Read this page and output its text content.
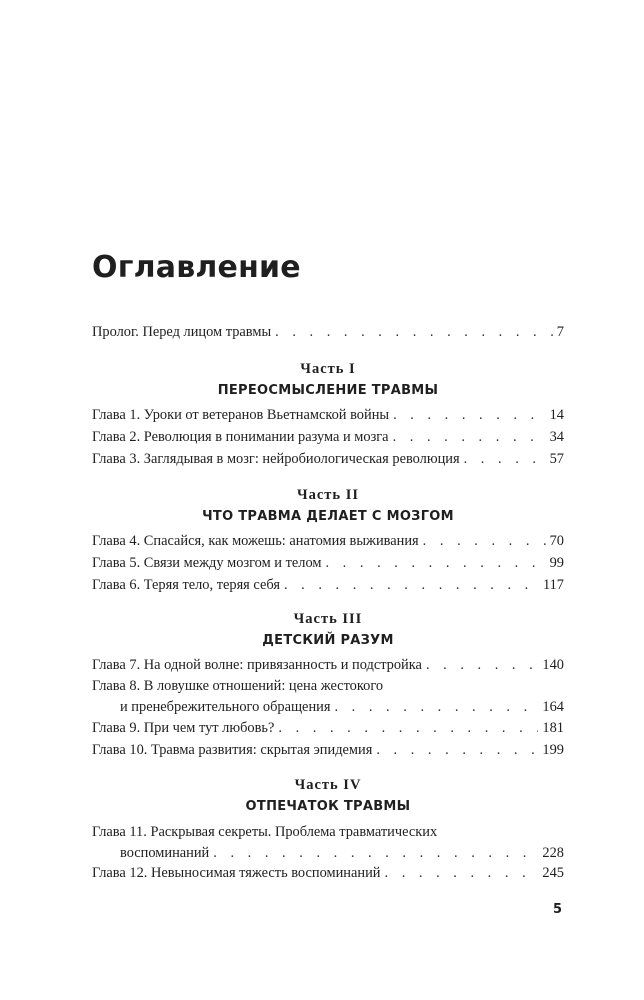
Оглавление
Пролог. Перед лицом травмы . . .	7
Часть I
ПЕРЕОСМЫСЛЕНИЕ ТРАВМЫ
Глава 1. Уроки от ветеранов Вьетнамской войны . . .	14
Глава 2. Революция в понимании разума и мозга . . .	34
Глава 3. Заглядывая в мозг: нейробиологическая революция . . .	57
Часть II
ЧТО ТРАВМА ДЕЛАЕТ С МОЗГОМ
Глава 4. Спасайся, как можешь: анатомия выживания . . .	70
Глава 5. Связи между мозгом и телом . . .	99
Глава 6. Теряя тело, теряя себя . . .	117
Часть III
ДЕТСКИЙ РАЗУМ
Глава 7. На одной волне: привязанность и подстройка . . .	140
Глава 8. В ловушке отношений: цена жестокого
и пренебрежительного обращения . . .	164
Глава 9. При чем тут любовь? . . .	181
Глава 10. Травма развития: скрытая эпидемия . . .	199
Часть IV
ОТПЕЧАТОК ТРАВМЫ
Глава 11. Раскрывая секреты. Проблема травматических
воспоминаний . . .	228
Глава 12. Невыносимая тяжесть воспоминаний . . .	245
5
